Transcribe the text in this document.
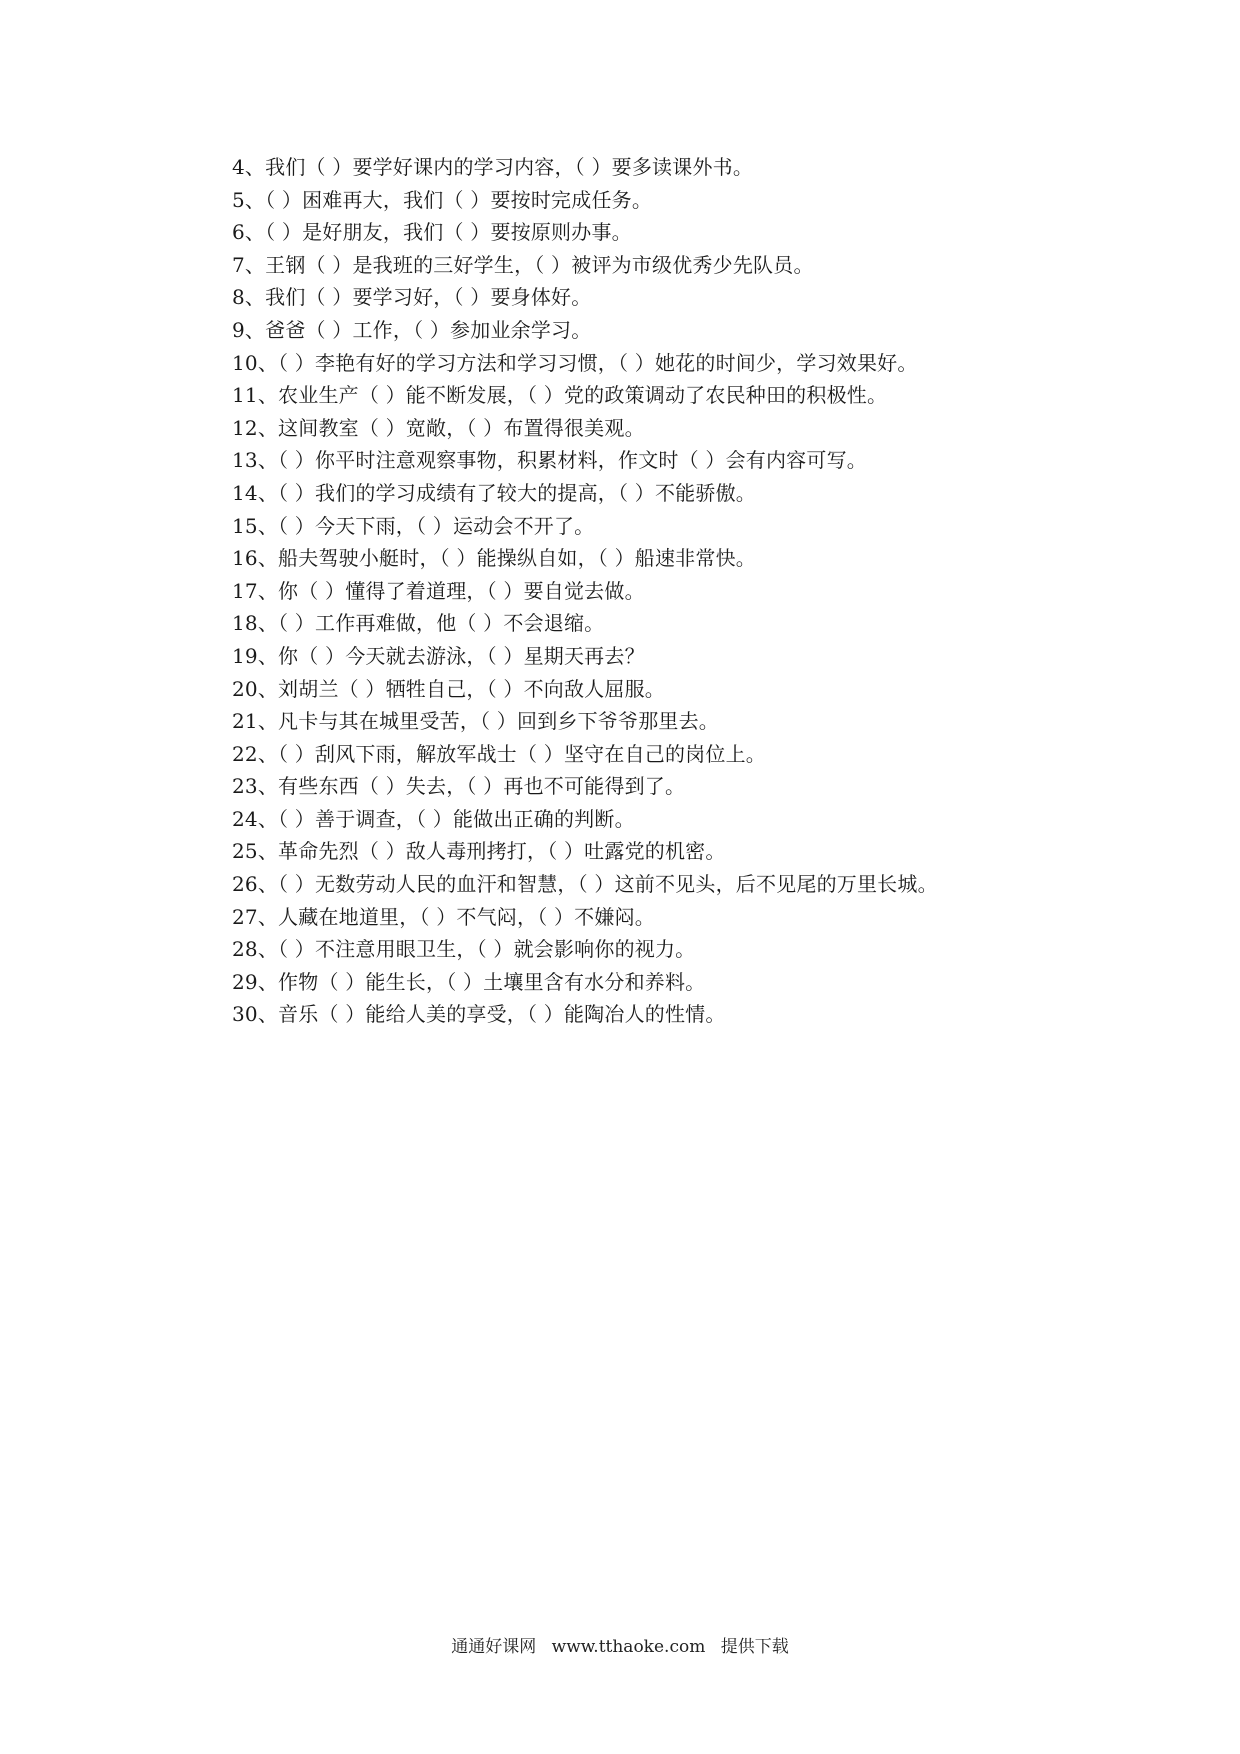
4、我们（ ）要学好课内的学习内容，（ ）要多读课外书。
5、（ ）困难再大，我们（ ）要按时完成任务。
6、（ ）是好朋友，我们（ ）要按原则办事。
7、王钢（ ）是我班的三好学生，（ ）被评为市级优秀少先队员。
8、我们（ ）要学习好，（ ）要身体好。
9、爸爸（ ）工作，（ ）参加业余学习。
10、（ ）李艳有好的学习方法和学习习惯，（ ）她花的时间少，学习效果好。
11、农业生产（ ）能不断发展，（ ）党的政策调动了农民种田的积极性。
12、这间教室（ ）宽敞，（ ）布置得很美观。
13、（ ）你平时注意观察事物，积累材料，作文时（ ）会有内容可写。
14、（ ）我们的学习成绩有了较大的提高，（ ）不能骄傲。
15、（ ）今天下雨，（ ）运动会不开了。
16、船夫驾驶小艇时，（ ）能操纵自如，（ ）船速非常快。
17、你（ ）懂得了着道理，（ ）要自觉去做。
18、（ ）工作再难做，他（ ）不会退缩。
19、你（ ）今天就去游泳，（ ）星期天再去？
20、刘胡兰（ ）牺牲自己，（ ）不向敌人屈服。
21、凡卡与其在城里受苦，（ ）回到乡下爷爷那里去。
22、（ ）刮风下雨，解放军战士（ ）坚守在自己的岗位上。
23、有些东西（ ）失去，（ ）再也不可能得到了。
24、（ ）善于调查，（ ）能做出正确的判断。
25、革命先烈（ ）敌人毒刑拷打，（ ）吐露党的机密。
26、（ ）无数劳动人民的血汗和智慧，（ ）这前不见头，后不见尾的万里长城。
27、人藏在地道里，（ ）不气闷，（ ）不嫌闷。
28、（ ）不注意用眼卫生，（ ）就会影响你的视力。
29、作物（ ）能生长，（ ）土壤里含有水分和养料。
30、音乐（ ）能给人美的享受，（ ）能陶冶人的性情。
通通好课网 www.tthaoke.com 提供下载
